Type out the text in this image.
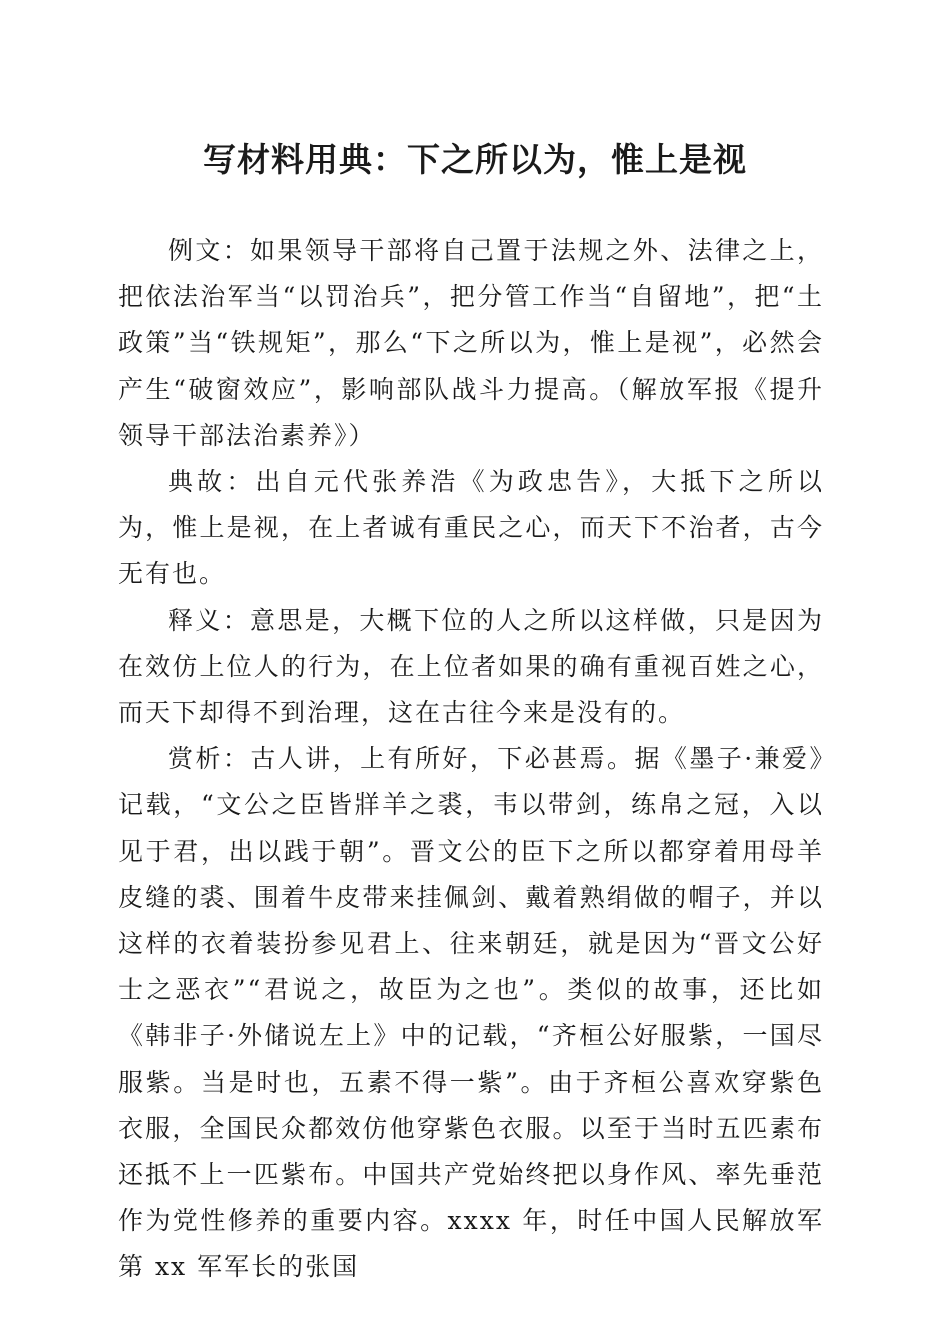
写材料用典：下之所以为，惟上是视

例文：如果领导干部将自己置于法规之外、法律之上，把依法治军当“以罚治兵”，把分管工作当“自留地”，把“土政策”当“铁规矩”，那么“下之所以为，惟上是视”，必然会产生“破窗效应”，影响部队战斗力提高。（解放军报《提升领导干部法治素养》）

典故：出自元代张养浩《为政忠告》，大抵下之所以为，惟上是视，在上者诚有重民之心，而天下不治者，古今无有也。

释义：意思是，大概下位的人之所以这样做，只是因为在效仿上位人的行为，在上位者如果的确有重视百姓之心，而天下却得不到治理，这在古往今来是没有的。

赏析：古人讲，上有所好，下必甚焉。据《墨子·兼爱》记载，“文公之臣皆牂羊之裘，韦以带剑，练帛之冠，入以见于君，出以践于朝”。晋文公的臣下之所以都穿着用母羊皮缝的裘、围着牛皮带来挂佩剑、戴着熟绢做的帽子，并以这样的衣着装扮参见君上、往来朝廷，就是因为“晋文公好士之恶衣”“君说之，故臣为之也”。类似的故事，还比如《韩非子·外储说左上》中的记载，“齐桓公好服紫，一国尽服紫。当是时也，五素不得一紫”。由于齐桓公喜欢穿紫色衣服，全国民众都效仿他穿紫色衣服。以至于当时五匹素布还抵不上一匹紫布。中国共产党始终把以身作风、率先垂范作为党性修养的重要内容。xxxx 年，时任中国人民解放军第 xx 军军长的张国
